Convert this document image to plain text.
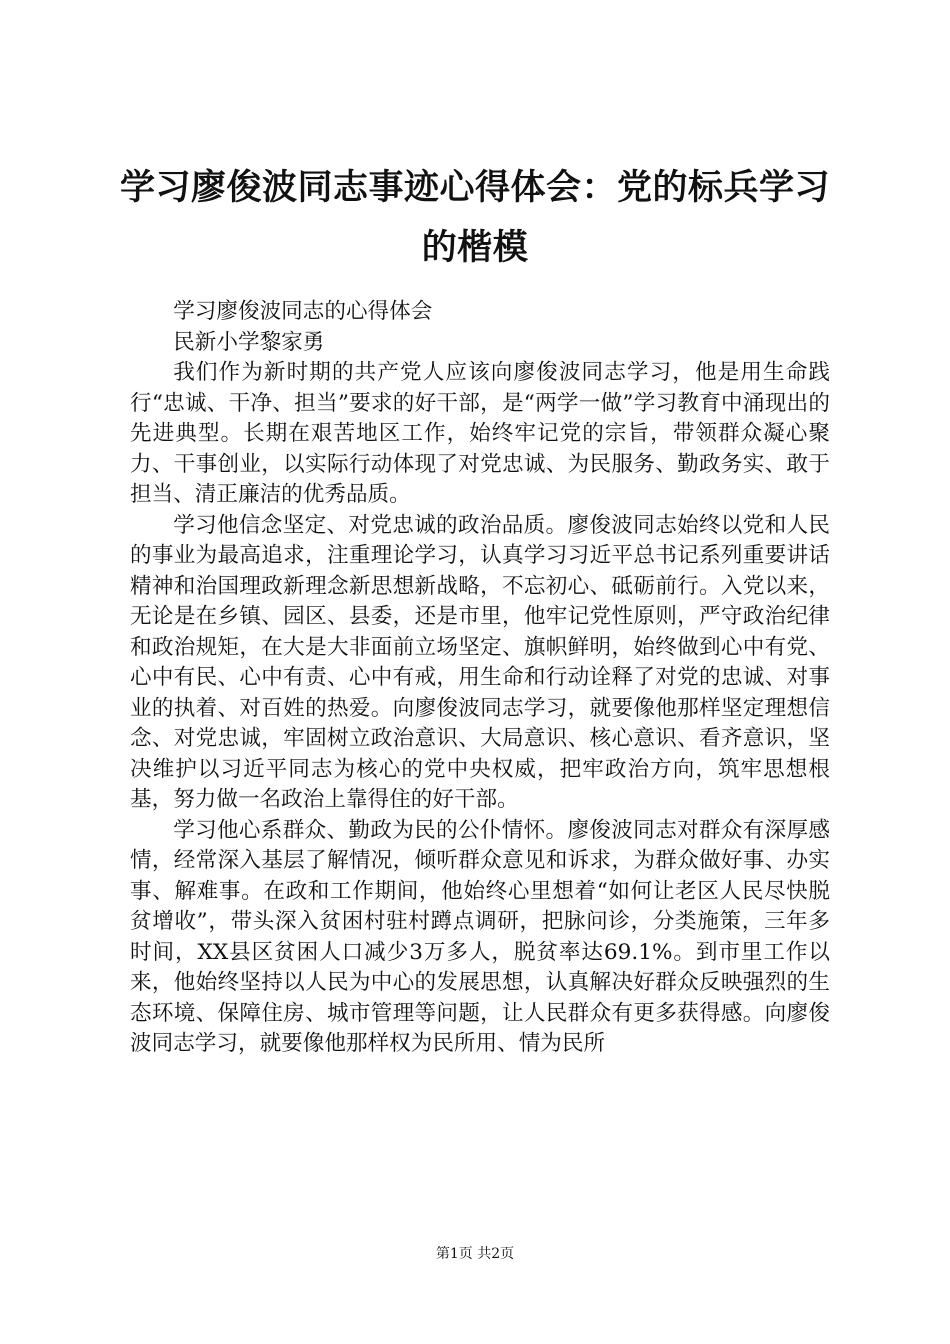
学习廖俊波同志事迹心得体会：党的标兵学习
的楷模

学习廖俊波同志的心得体会

民新小学黎家勇

我们作为新时期的共产党人应该向廖俊波同志学习，他是用生命践行“忠诚、干净、担当”要求的好干部，是“两学一做”学习教育中涌现出的先进典型。长期在艰苦地区工作，始终牢记党的宗旨，带领群众凝心聚力、干事创业，以实际行动体现了对党忠诚、为民服务、勤政务实、敢于担当、清正廉洁的优秀品质。

学习他信念坚定、对党忠诚的政治品质。廖俊波同志始终以党和人民的事业为最高追求，注重理论学习，认真学习习近平总书记系列重要讲话精神和治国理政新理念新思想新战略，不忘初心、砥砺前行。入党以来，无论是在乡镇、园区、县委，还是市里，他牢记党性原则，严守政治纪律和政治规矩，在大是大非面前立场坚定、旗帜鲜明，始终做到心中有党、心中有民、心中有责、心中有戒，用生命和行动诠释了对党的忠诚、对事业的执着、对百姓的热爱。向廖俊波同志学习，就要像他那样坚定理想信念、对党忠诚，牢固树立政治意识、大局意识、核心意识、看齐意识，坚决维护以习近平同志为核心的党中央权威，把牢政治方向，筑牢思想根基，努力做一名政治上靠得住的好干部。

学习他心系群众、勤政为民的公仆情怀。廖俊波同志对群众有深厚感情，经常深入基层了解情况，倾听群众意见和诉求，为群众做好事、办实事、解难事。在政和工作期间，他始终心里想着“如何让老区人民尽快脱贫增收”，带头深入贫困村驻村蹲点调研，把脉问诊，分类施策，三年多时间，XX县区贫困人口减少3万多人，脱贫率达69.1%。到市里工作以来，他始终坚持以人民为中心的发展思想，认真解决好群众反映强烈的生态环境、保障住房、城市管理等问题，让人民群众有更多获得感。向廖俊波同志学习，就要像他那样权为民所用、情为民所

第1页 共2页
